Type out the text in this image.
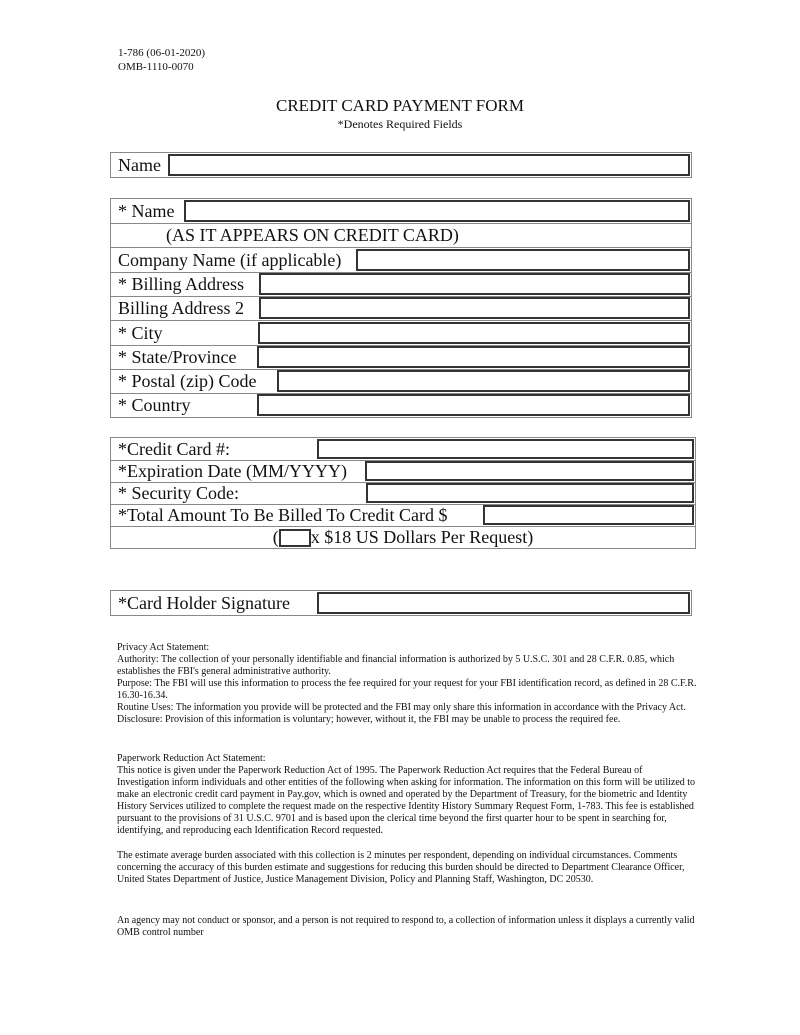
1-786 (06-01-2020)
OMB-1110-0070
CREDIT CARD PAYMENT FORM
*Denotes Required Fields
Name
* Name
(AS IT APPEARS ON CREDIT CARD)
Company Name (if applicable)
* Billing Address
Billing Address 2
* City
* State/Province
* Postal (zip) Code
* Country
*Credit Card #:
*Expiration Date (MM/YYYY)
* Security Code:
*Total Amount To Be Billed To Credit Card $
( x $18 US Dollars Per Request)
*Card Holder Signature

Privacy Act Statement:

Authority: The collection of your personally identifiable and financial information is authorized by 5 U.S.C. 301 and 28 C.F.R. 0.85, which establishes the FBI's general administrative authority.

Purpose: The FBI will use this information to process the fee required for your request for your FBI identification record, as defined in 28 C.F.R. 16.30-16.34.

Routine Uses: The information you provide will be protected and the FBI may only share this information in accordance with the Privacy Act.

Disclosure: Provision of this information is voluntary; however, without it, the FBI may be unable to process the required fee.

Paperwork Reduction Act Statement:

This notice is given under the Paperwork Reduction Act of 1995. The Paperwork Reduction Act requires that the Federal Bureau of Investigation inform individuals and other entities of the following when asking for information. The information on this form will be utilized to make an electronic credit card payment in Pay.gov, which is owned and operated by the Department of Treasury, for the biometric and Identity History Services utilized to complete the request made on the respective Identity History Summary Request Form, 1-783. This fee is established pursuant to the provisions of 31 U.S.C. 9701 and is based upon the clerical time beyond the first quarter hour to be spent in searching for, identifying, and reproducing each Identification Record requested.

The estimate average burden associated with this collection is 2 minutes per respondent, depending on individual circumstances. Comments concerning the accuracy of this burden estimate and suggestions for reducing this burden should be directed to Department Clearance Officer, United States Department of Justice, Justice Management Division, Policy and Planning Staff, Washington, DC 20530.
An agency may not conduct or sponsor, and a person is not required to respond to, a collection of information unless it displays a currently valid OMB control number
